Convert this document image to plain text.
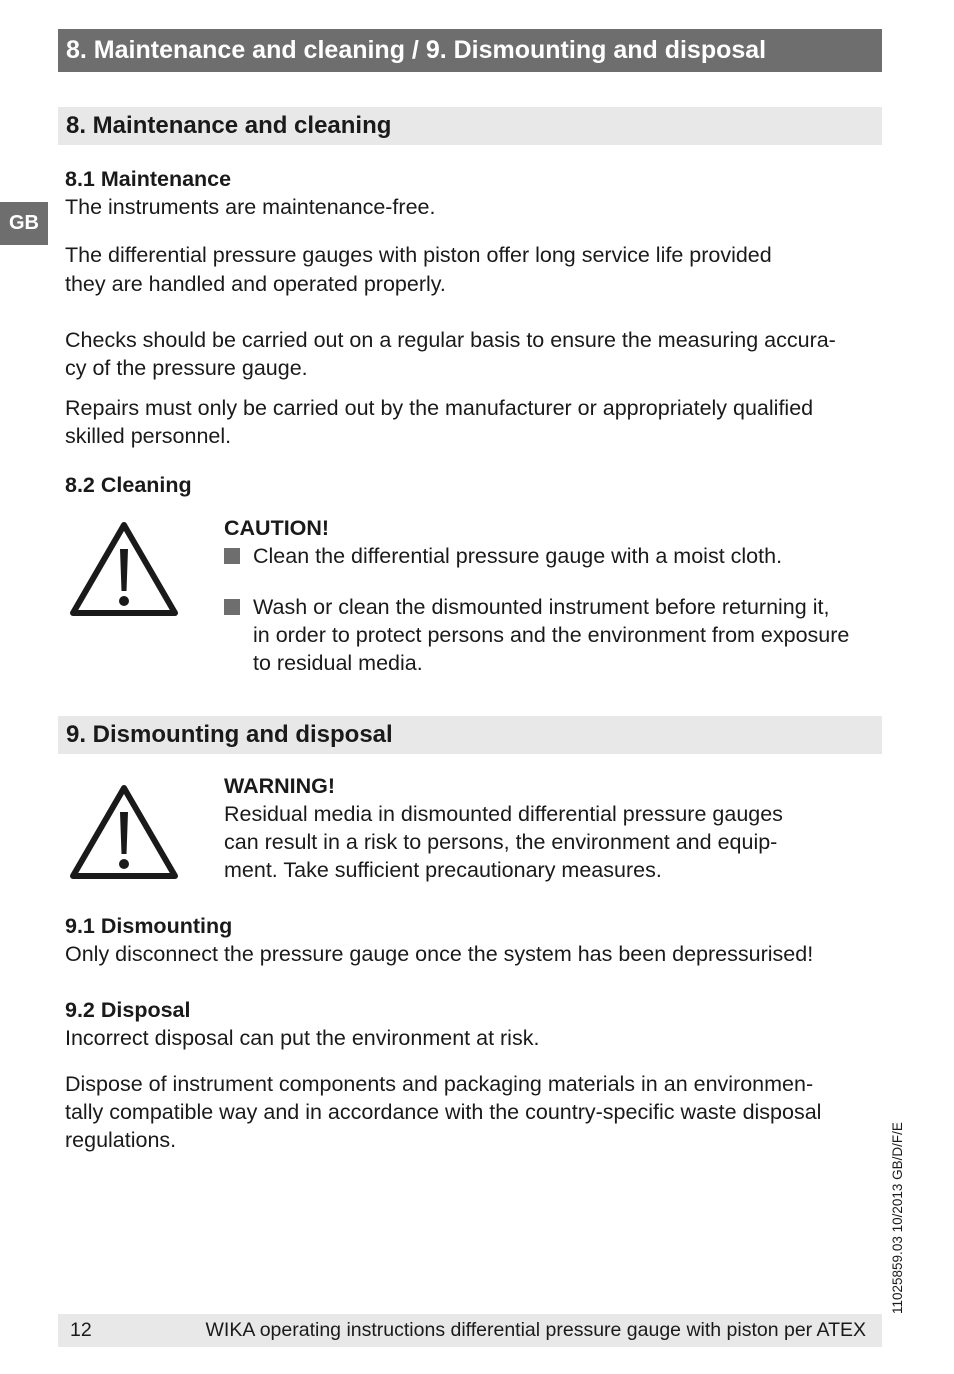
8. Maintenance and cleaning / 9. Dismounting and disposal
GB
8. Maintenance and cleaning

8.1 Maintenance

The instruments are maintenance-free.

The differential pressure gauges with piston offer long service life provided

they are handled and operated properly.

Checks should be carried out on a regular basis to ensure the measuring accura-

cy of the pressure gauge.

Repairs must only be carried out by the manufacturer or appropriately qualified

skilled personnel.

8.2 Cleaning

CAUTION!

Clean the differential pressure gauge with a moist cloth.

Wash or clean the dismounted instrument before returning it,

in order to protect persons and the environment from exposure

to residual media.

9. Dismounting and disposal

WARNING!

Residual media in dismounted differential pressure gauges

can result in a risk to persons, the environment and equip-

ment. Take sufficient precautionary measures.

9.1 Dismounting

Only disconnect the pressure gauge once the system has been depressurised!

9.2 Disposal

Incorrect disposal can put the environment at risk.

Dispose of instrument components and packaging materials in an environmen-

tally compatible way and in accordance with the country-specific waste disposal

regulations.	11025859.03 10/2013 GB/D/F/E
12	WIKA operating instructions differential pressure gauge with piston per ATEX
